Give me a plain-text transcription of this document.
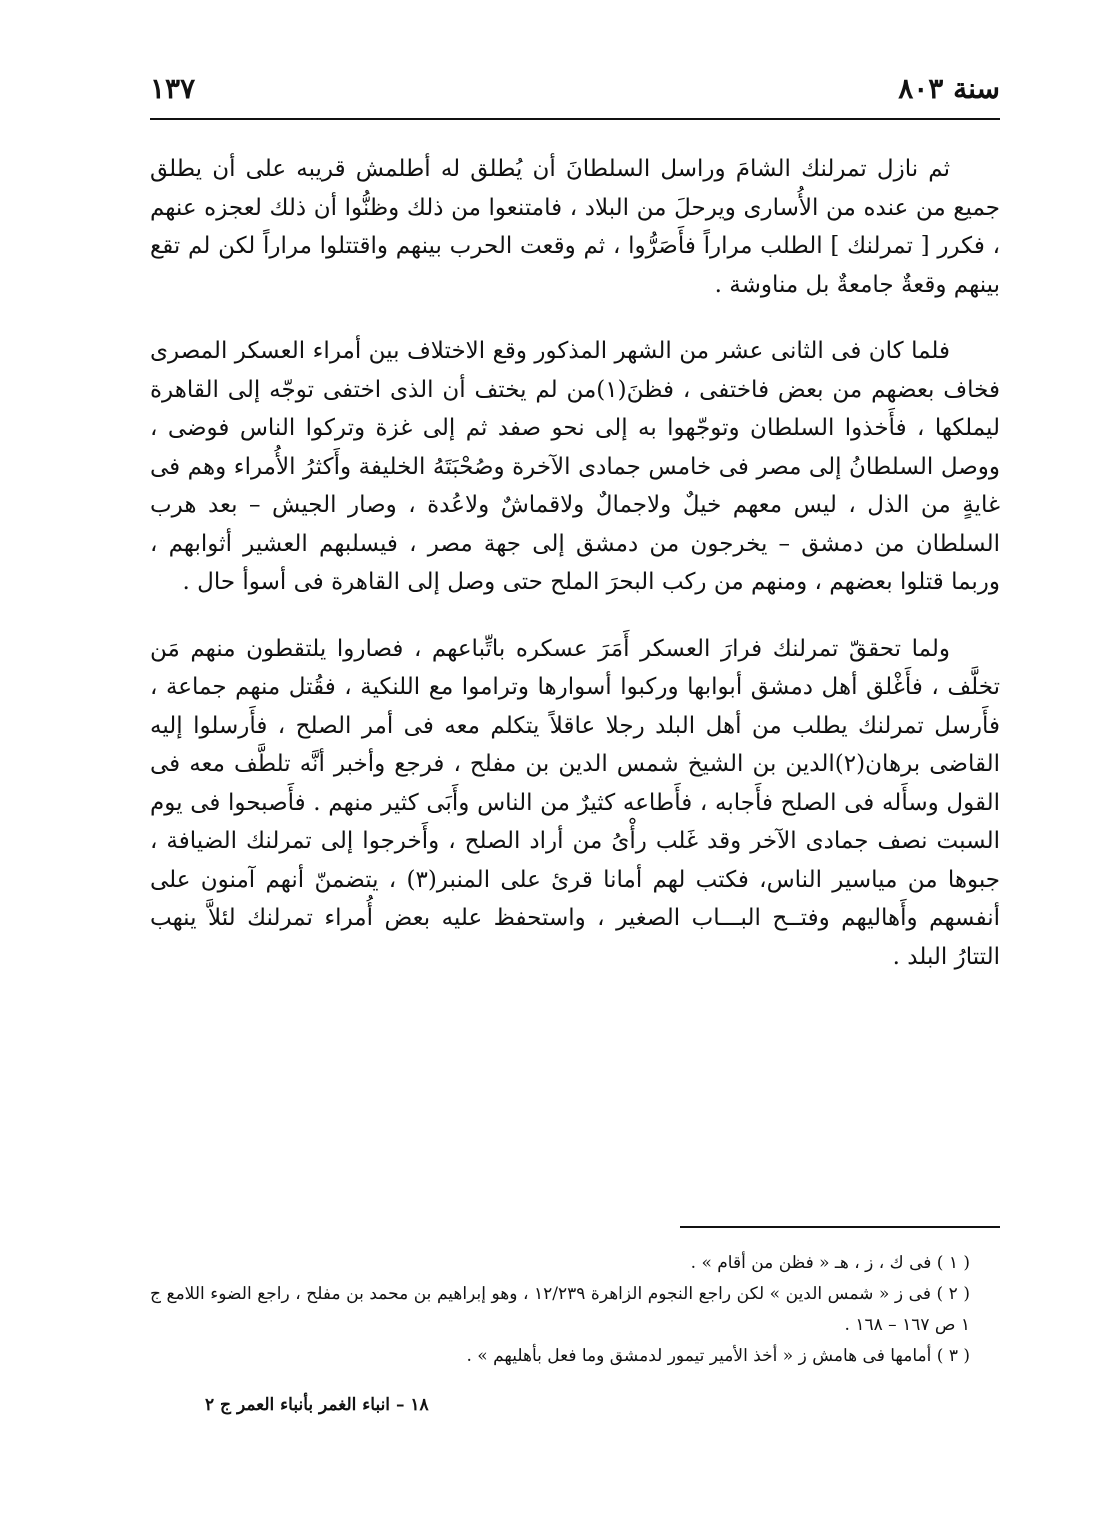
سنة ٨٠٣
١٣٧

ثم نازل تمرلنك الشامَ وراسل السلطانَ أن يُطلق له أطلمش قريبه على أن يطلق جميع من عنده من الأُسارى ويرحلَ من البلاد ، فامتنعوا من ذلك وظنُّوا أن ذلك لعجزه عنهم ، فكرر [ تمرلنك ] الطلب مراراً فأَصَرُّوا ، ثم وقعت الحرب بينهم واقتتلوا مراراً لكن لم تقع بينهم وقعةٌ جامعةٌ بل مناوشة .

فلما كان فى الثانى عشر من الشهر المذكور وقع الاختلاف بين أمراء العسكر المصرى فخاف بعضهم من بعض فاختفى ، فظنَ(١)من لم يختف أن الذى اختفى توجّه إلى القاهرة ليملكها ، فأَخذوا السلطان وتوجّهوا به إلى نحو صفد ثم إلى غزة وتركوا الناس فوضى ، ووصل السلطانُ إلى مصر فى خامس جمادى الآخرة وصُحْبَتَهُ الخليفة وأَكثرُ الأُمراء وهم فى غايةٍ من الذل ، ليس معهم خيلٌ ولاجمالٌ ولاقماشٌ ولاعُدة ، وصار الجيش – بعد هرب السلطان من دمشق – يخرجون من دمشق إلى جهة مصر ، فيسلبهم العشير أثوابهم ، وربما قتلوا بعضهم ، ومنهم من ركب البحرَ الملح حتى وصل إلى القاهرة فى أسوأ حال .

ولما تحققّ تمرلنك فرارَ العسكر أَمَرَ عسكره باتِّباعهم ، فصاروا يلتقطون منهم مَن تخلَّف ، فأَغْلق أهل دمشق أبوابها وركبوا أسوارها وتراموا مع اللنكية ، فقُتل منهم جماعة ، فأَرسل تمرلنك يطلب من أهل البلد رجلا عاقلاً يتكلم معه فى أمر الصلح ، فأَرسلوا إليه القاضى برهان(٢)الدين بن الشيخ شمس الدين بن مفلح ، فرجع وأخبر أنَّه تلطَّف معه فى القول وسأَله فى الصلح فأَجابه ، فأَطاعه كثيرٌ من الناس وأَبَى كثير منهم . فأَصبحوا فى يوم السبت نصف جمادى الآخر وقد غَلب رأْىُ من أراد الصلح ، وأَخرجوا إلى تمرلنك الضيافة ، جبوها من مياسير الناس، فكتب لهم أمانا قرئ على المنبر(٣) ، يتضمنّ أنهم آمنون على أنفسهم وأَهاليهم وفتــح البـــاب الصغير ، واستحفظ عليه بعض أُمراء تمرلنك لئلاَّ ينهب التتارُ البلد .

( ١ ) فى ك ، ز ، هـ « فظن من أقام » .

( ٢ ) فى ز « شمس الدين » لكن راجع النجوم الزاهرة ١٢/٢٣٩ ، وهو إبراهيم بن محمد بن مفلح ، راجع الضوء اللامع ج ١ ص ١٦٧ – ١٦٨ .

( ٣ ) أمامها فى هامش ز « أخذ الأمير تيمور لدمشق وما فعل بأهليهم » .

١٨ – انباء الغمر بأنباء العمر ج ٢
